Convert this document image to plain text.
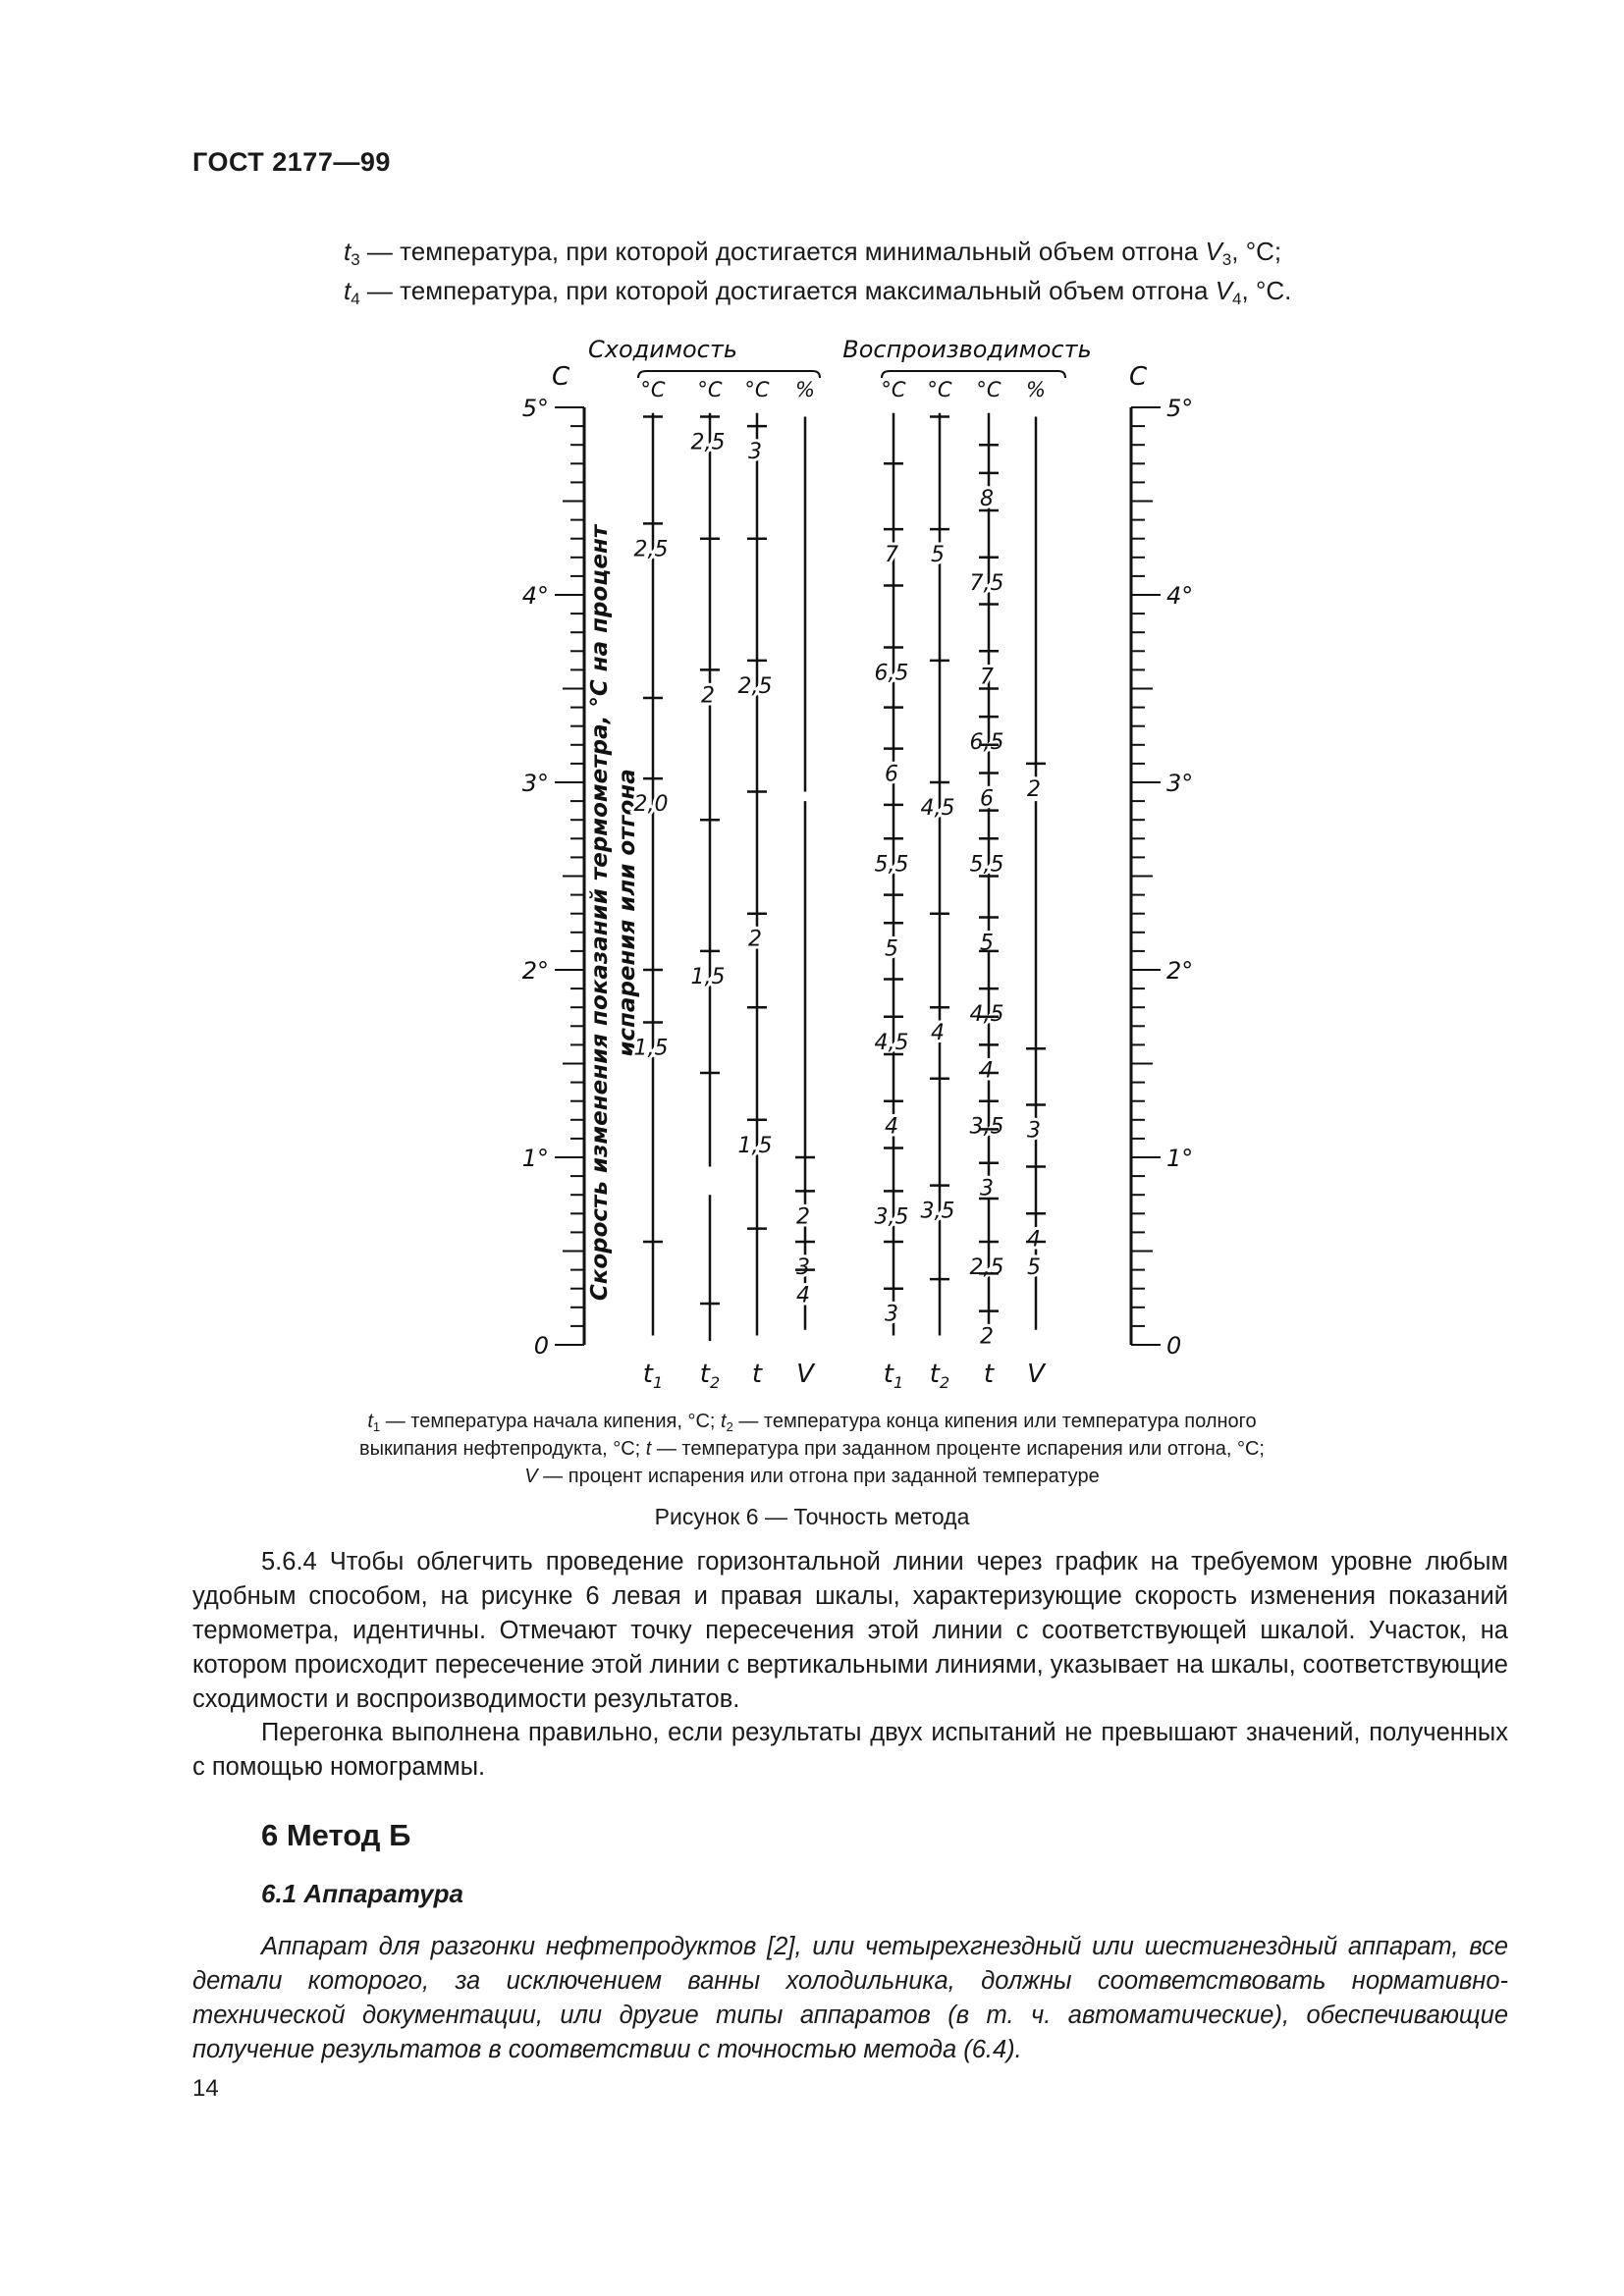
ГОСТ 2177—99
$t_3$ — температура, при которой достигается минимальный объем отгона $V_3$, °С;
$t_4$ — температура, при которой достигается максимальный объем отгона $V_4$, °С.
Сходимость	Воспроизводимость
С	С
Скорость изменения показаний термометра, °С на процент испарения или отгона
0
1°
2°
3°
4°
5°
0
1°
2°
3°
4°
5°
°С °С °С %	°С °С °С %
2,5
2,0
1,5
2,5
2
1,5
3
2,5
2
1,5
2
3
4
7
6,5
6
5,5
5
4,5
4
3,5
3
5
4,5
4
3,5
8
7,5
7
6,5
6
5,5
5
4,5
4
3,5
3
2,5
2
2
3
4
5
$t_1$ $t_2$ t V	$t_1$ $t_2$ t V
$t_1$ — температура начала кипения, °С; $t_2$ — температура конца кипения или температура полного
выкипания нефтепродукта, °С; t — температура при заданном проценте испарения или отгона, °С;
V — процент испарения или отгона при заданной температуре
Рисунок 6 — Точность метода
5.6.4 Чтобы облегчить проведение горизонтальной линии через график на требуемом уровне любым удобным способом, на рисунке 6 левая и правая шкалы, характеризующие скорость изменения показаний термометра, идентичны. Отмечают точку пересечения этой линии с соответствующей шкалой. Участок, на котором происходит пересечение этой линии с вертикальными линиями, указывает на шкалы, соответствующие сходимости и воспроизводимости результатов.
Перегонка выполнена правильно, если результаты двух испытаний не превышают значений, полученных с помощью номограммы.
6 Метод Б
6.1 Аппаратура
Аппарат для разгонки нефтепродуктов [2], или четырехгнездный или шестигнездный аппарат, все детали которого, за исключением ванны холодильника, должны соответствовать нормативно-технической документации, или другие типы аппаратов (в т. ч. автоматические), обеспечивающие получение результатов в соответствии с точностью метода (6.4).
14
